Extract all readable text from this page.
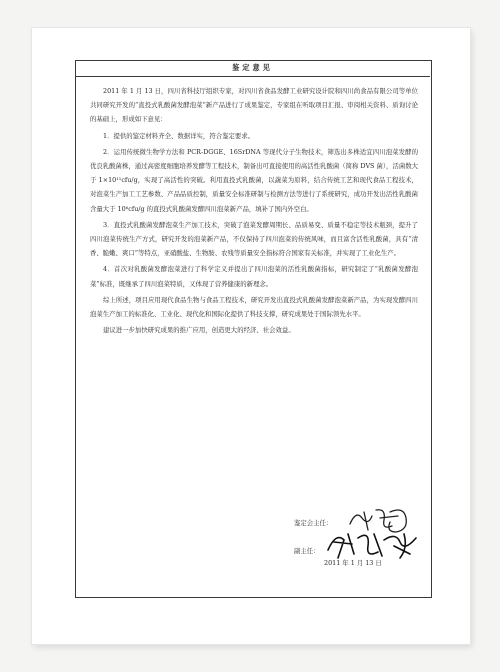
鉴定意见

2011 年 1 月 13 日，四川省科技厅组织专家，对四川省食品发酵工业研究设计院和四川尚食品有限公司等单位共同研究开发的“直投式乳酸菌发酵泡菜”新产品进行了成果鉴定，专家组在听取项目汇报、审阅相关资料、质询讨论的基础上，形成如下意见：

1．提供的鉴定材料齐全、数据详实，符合鉴定要求。

2．运用传统微生物学方法和 PCR-DGGE、16SrDNA 等现代分子生物技术，筛选出多株适宜四川泡菜发酵的优良乳酸菌株，通过高密度细胞培养发酵等工程技术，制备出可直接使用的高活性乳酸菌（简称 DVS 菌），活菌数大于 1×10¹¹cfu/g，实现了高活性的突破。利用直投式乳酸菌，以蔬菜为原料，结合传统工艺和现代食品工程技术，对泡菜生产加工工艺参数、产品品质控制，质量安全标准研制与检测方法等进行了系统研究，成功开发出活性乳酸菌含量大于 10⁶cfu/g 的直投式乳酸菌发酵四川泡菜新产品，填补了国内外空白。

3．直投式乳酸菌发酵泡菜生产加工技术，突破了泡菜发酵周期长、品质易变、质量不稳定等技术瓶颈，提升了四川泡菜传统生产方式，研究开发的泡菜新产品，不仅保持了四川泡菜的传统风味，而且富含活性乳酸菌，具有“清香、脆嫩、爽口”等特点，亚硝酸盐、生物胺、农残等质量安全指标符合国家有关标准，并实现了工业化生产。

4．首次对乳酸菌发酵泡菜进行了科学定义并提出了四川泡菜的活性乳酸菌指标，研究制定了“乳酸菌发酵泡菜”标准，既继承了四川泡菜特质，又体现了营养健康的新理念。

综上所述，项目应用现代食品生物与食品工程技术，研究开发出直投式乳酸菌发酵泡菜新产品，为实现发酵四川泡菜生产加工的标准化、工业化、现代化和国际化提供了科技支撑，研究成果处于国际领先水平。

建议进一步加快研究成果的推广应用，创造更大的经济、社会效益。

鉴定会主任：
副主任：
2011 年 1 月 13 日
